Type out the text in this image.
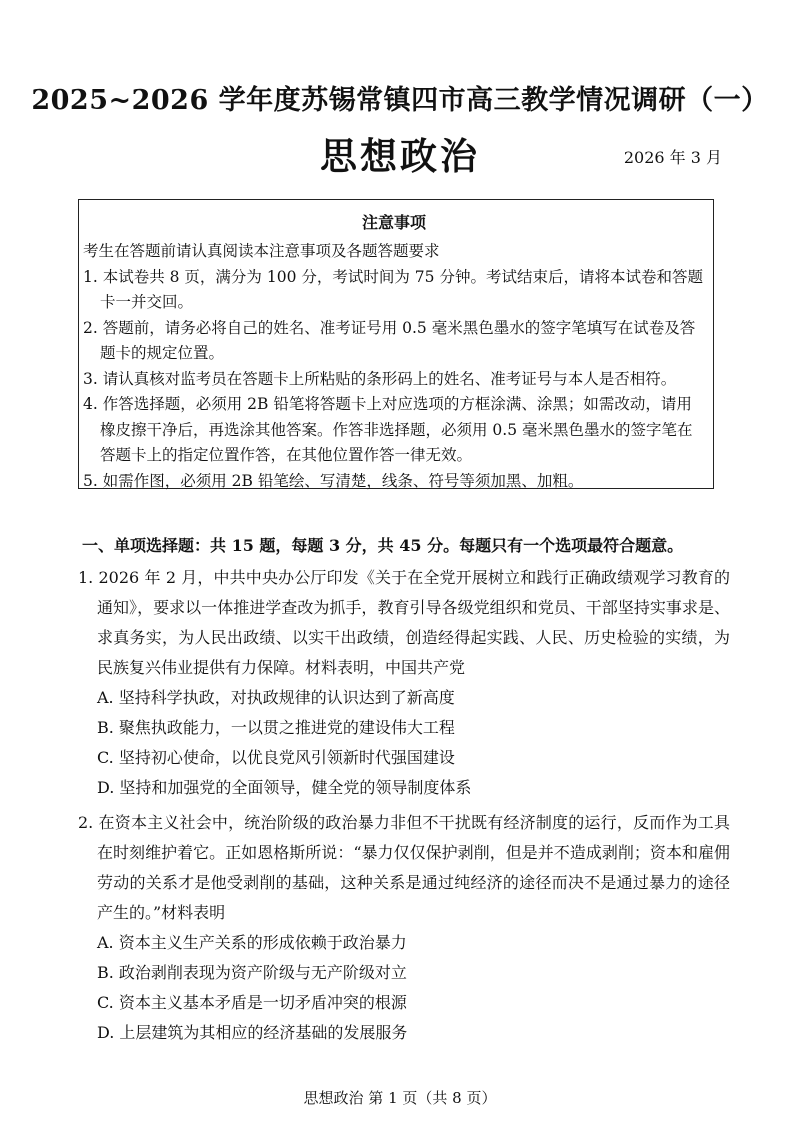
2025~2026 学年度苏锡常镇四市高三教学情况调研（一）
思想政治	2026 年 3 月
注意事项
考生在答题前请认真阅读本注意事项及各题答题要求
1. 本试卷共 8 页，满分为 100 分，考试时间为 75 分钟。考试结束后，请将本试卷和答题卡一并交回。
2. 答题前，请务必将自己的姓名、准考证号用 0.5 毫米黑色墨水的签字笔填写在试卷及答题卡的规定位置。
3. 请认真核对监考员在答题卡上所粘贴的条形码上的姓名、准考证号与本人是否相符。
4. 作答选择题，必须用 2B 铅笔将答题卡上对应选项的方框涂满、涂黑；如需改动，请用橡皮擦干净后，再选涂其他答案。作答非选择题，必须用 0.5 毫米黑色墨水的签字笔在答题卡上的指定位置作答，在其他位置作答一律无效。
5. 如需作图，必须用 2B 铅笔绘、写清楚，线条、符号等须加黑、加粗。
一、单项选择题：共 15 题，每题 3 分，共 45 分。每题只有一个选项最符合题意。
1. 2026 年 2 月，中共中央办公厅印发《关于在全党开展树立和践行正确政绩观学习教育的通知》，要求以一体推进学查改为抓手，教育引导各级党组织和党员、干部坚持实事求是、求真务实，为人民出政绩、以实干出政绩，创造经得起实践、人民、历史检验的实绩，为民族复兴伟业提供有力保障。材料表明，中国共产党
A. 坚持科学执政，对执政规律的认识达到了新高度
B. 聚焦执政能力，一以贯之推进党的建设伟大工程
C. 坚持初心使命，以优良党风引领新时代强国建设
D. 坚持和加强党的全面领导，健全党的领导制度体系
2. 在资本主义社会中，统治阶级的政治暴力非但不干扰既有经济制度的运行，反而作为工具在时刻维护着它。正如恩格斯所说：“暴力仅仅保护剥削，但是并不造成剥削；资本和雇佣劳动的关系才是他受剥削的基础，这种关系是通过纯经济的途径而决不是通过暴力的途径产生的。”材料表明
A. 资本主义生产关系的形成依赖于政治暴力
B. 政治剥削表现为资产阶级与无产阶级对立
C. 资本主义基本矛盾是一切矛盾冲突的根源
D. 上层建筑为其相应的经济基础的发展服务
思想政治 第 1 页（共 8 页）
